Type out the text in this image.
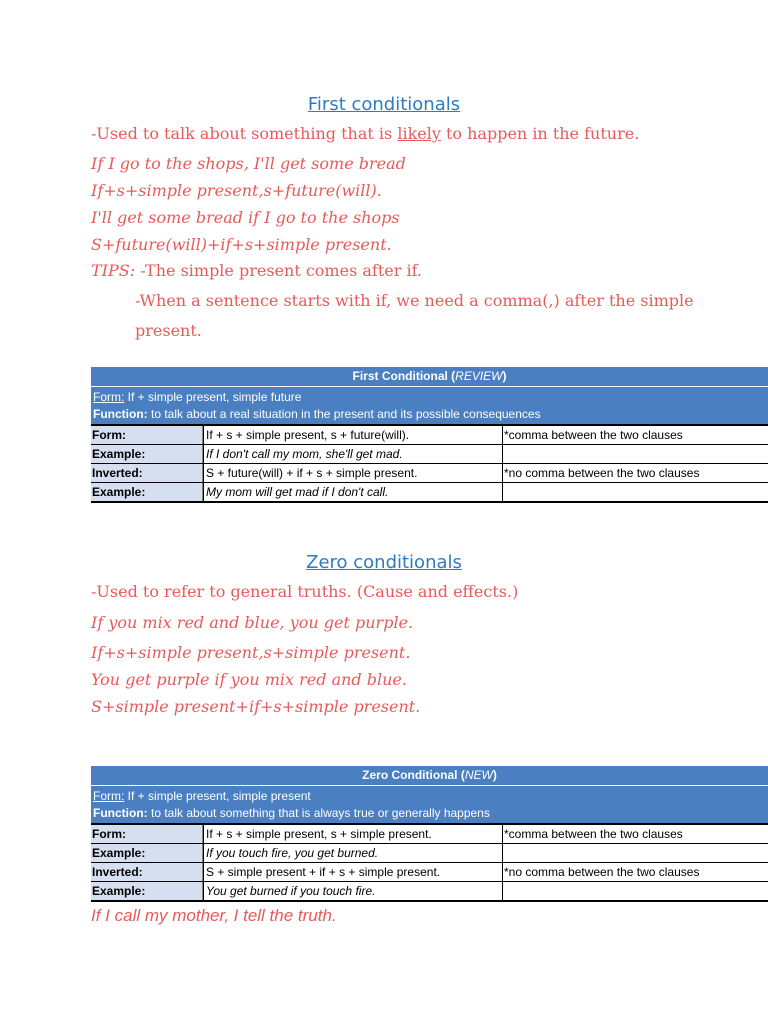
First conditionals
-Used to talk about something that is likely to happen in the future.
If I go to the shops, I'll get some bread
If+s+simple present,s+future(will).
I'll get some bread if I go to the shops
S+future(will)+if+s+simple present.
TIPS: -The simple present comes after if.
-When a sentence starts with if, we need a comma(,) after the simple
present.
First Conditional (REVIEW)
Form: If + simple present, simple future
Function: to talk about a real situation in the present and its possible consequences
Form:	If + s + simple present, s + future(will).	*comma between the two clauses
Example:	If I don't call my mom, she'll get mad.
Inverted:	S + future(will) + if + s + simple present.	*no comma between the two clauses
Example:	My mom will get mad if I don't call.
Zero conditionals
-Used to refer to general truths. (Cause and effects.)
If you mix red and blue, you get purple.
If+s+simple present,s+simple present.
You get purple if you mix red and blue.
S+simple present+if+s+simple present.
Zero Conditional (NEW)
Form: If + simple present, simple present
Function: to talk about something that is always true or generally happens
Form:	If + s + simple present, s + simple present.	*comma between the two clauses
Example:	If you touch fire, you get burned.
Inverted:	S + simple present + if + s + simple present.	*no comma between the two clauses
Example:	You get burned if you touch fire.
If I call my mother, I tell the truth.
